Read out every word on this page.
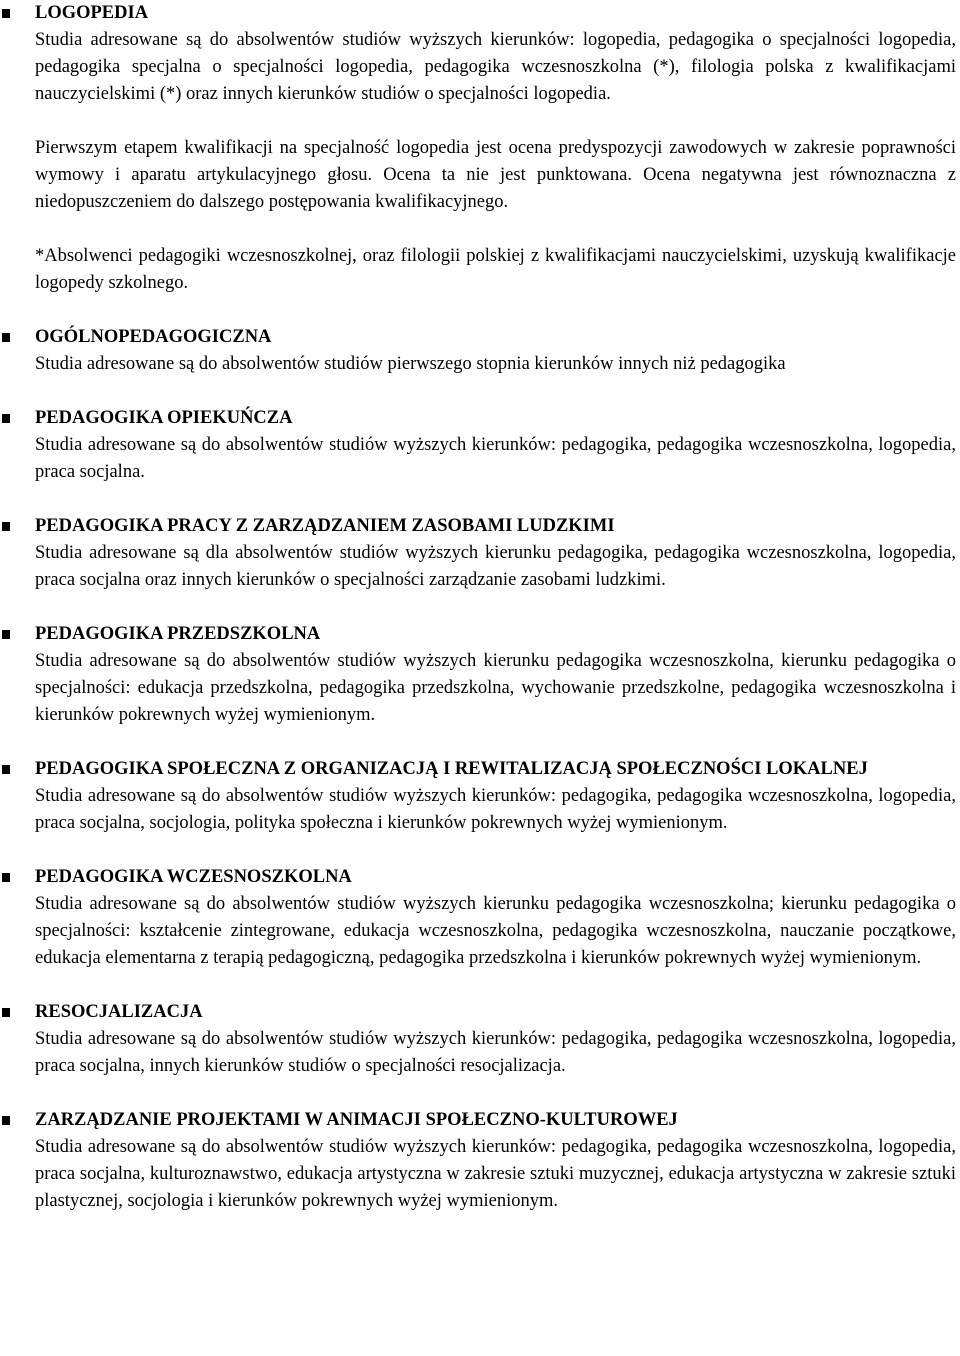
LOGOPEDIA

Studia adresowane są do absolwentów studiów wyższych kierunków: logopedia, pedagogika o specjalności logopedia, pedagogika specjalna o specjalności logopedia, pedagogika wczesnoszkolna (*), filologia polska z kwalifikacjami nauczycielskimi (*) oraz innych kierunków studiów o specjalności logopedia.

Pierwszym etapem kwalifikacji na specjalność logopedia jest ocena predyspozycji zawodowych w zakresie poprawności wymowy i aparatu artykulacyjnego głosu. Ocena ta nie jest punktowana. Ocena negatywna jest równoznaczna z niedopuszczeniem do dalszego postępowania kwalifikacyjnego.

*Absolwenci pedagogiki wczesnoszkolnej, oraz filologii polskiej z kwalifikacjami nauczycielskimi, uzyskują kwalifikacje logopedy szkolnego.

OGÓLNOPEDAGOGICZNA

Studia adresowane są do absolwentów studiów pierwszego stopnia kierunków innych niż pedagogika

PEDAGOGIKA OPIEKUŃCZA

Studia adresowane są do absolwentów studiów wyższych kierunków: pedagogika, pedagogika wczesnoszkolna, logopedia, praca socjalna.

PEDAGOGIKA PRACY Z ZARZĄDZANIEM ZASOBAMI LUDZKIMI

Studia adresowane są dla absolwentów studiów wyższych kierunku pedagogika, pedagogika wczesnoszkolna, logopedia, praca socjalna oraz innych kierunków o specjalności zarządzanie zasobami ludzkimi.

PEDAGOGIKA PRZEDSZKOLNA

Studia adresowane są do absolwentów studiów wyższych kierunku pedagogika wczesnoszkolna, kierunku pedagogika o specjalności: edukacja przedszkolna, pedagogika przedszkolna, wychowanie przedszkolne, pedagogika wczesnoszkolna i kierunków pokrewnych wyżej wymienionym.

PEDAGOGIKA SPOŁECZNA Z ORGANIZACJĄ I REWITALIZACJĄ SPOŁECZNOŚCI LOKALNEJ

Studia adresowane są do absolwentów studiów wyższych kierunków: pedagogika, pedagogika wczesnoszkolna, logopedia, praca socjalna, socjologia, polityka społeczna i kierunków pokrewnych wyżej wymienionym.

PEDAGOGIKA WCZESNOSZKOLNA

Studia adresowane są do absolwentów studiów wyższych kierunku pedagogika wczesnoszkolna; kierunku pedagogika o specjalności: kształcenie zintegrowane, edukacja wczesnoszkolna, pedagogika wczesnoszkolna, nauczanie początkowe, edukacja elementarna z terapią pedagogiczną, pedagogika przedszkolna i kierunków pokrewnych wyżej wymienionym.

RESOCJALIZACJA

Studia adresowane są do absolwentów studiów wyższych kierunków: pedagogika, pedagogika wczesnoszkolna, logopedia, praca socjalna, innych kierunków studiów o specjalności resocjalizacja.

ZARZĄDZANIE PROJEKTAMI W ANIMACJI SPOŁECZNO-KULTUROWEJ

Studia adresowane są do absolwentów studiów wyższych kierunków: pedagogika, pedagogika wczesnoszkolna, logopedia, praca socjalna, kulturoznawstwo, edukacja artystyczna w zakresie sztuki muzycznej, edukacja artystyczna w zakresie sztuki plastycznej, socjologia i kierunków pokrewnych wyżej wymienionym.
